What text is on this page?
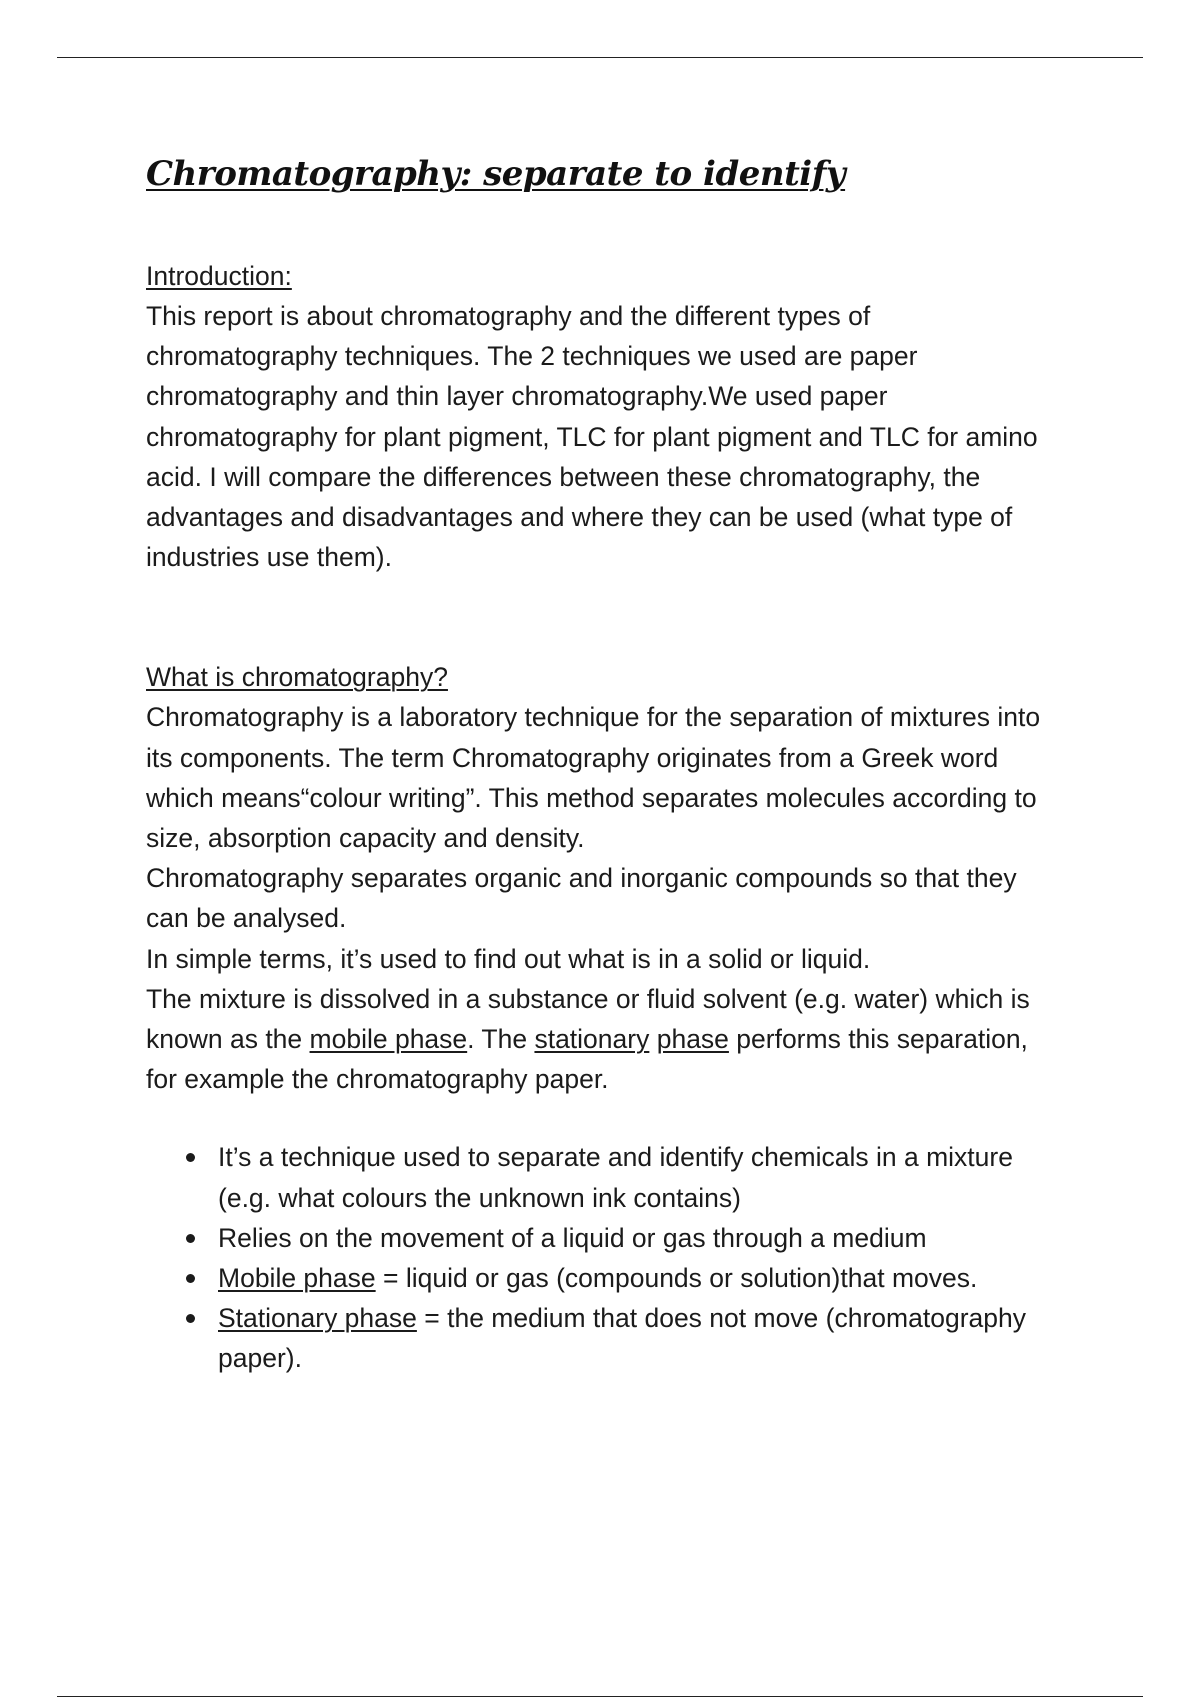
Chromatography: separate to identify
Introduction:

This report is about chromatography and the different types of chromatography techniques. The 2 techniques we used are paper chromatography and thin layer chromatography.We used paper chromatography for plant pigment, TLC for plant pigment and TLC for amino acid. I will compare the differences between these chromatography, the advantages and disadvantages and where they can be used (what type of industries use them).

What is chromatography?

Chromatography is a laboratory technique for the separation of mixtures into its components. The term Chromatography originates from a Greek word which means“colour writing”. This method separates molecules according to size, absorption capacity and density.

Chromatography separates organic and inorganic compounds so that they can be analysed.

In simple terms, it’s used to find out what is in a solid or liquid.

The mixture is dissolved in a substance or fluid solvent (e.g. water) which is known as the mobile phase. The stationary phase performs this separation, for example the chromatography paper.

It’s a technique used to separate and identify chemicals in a mixture (e.g. what colours the unknown ink contains)
Relies on the movement of a liquid or gas through a medium
Mobile phase = liquid or gas (compounds or solution)that moves.
Stationary phase = the medium that does not move (chromatography paper).
